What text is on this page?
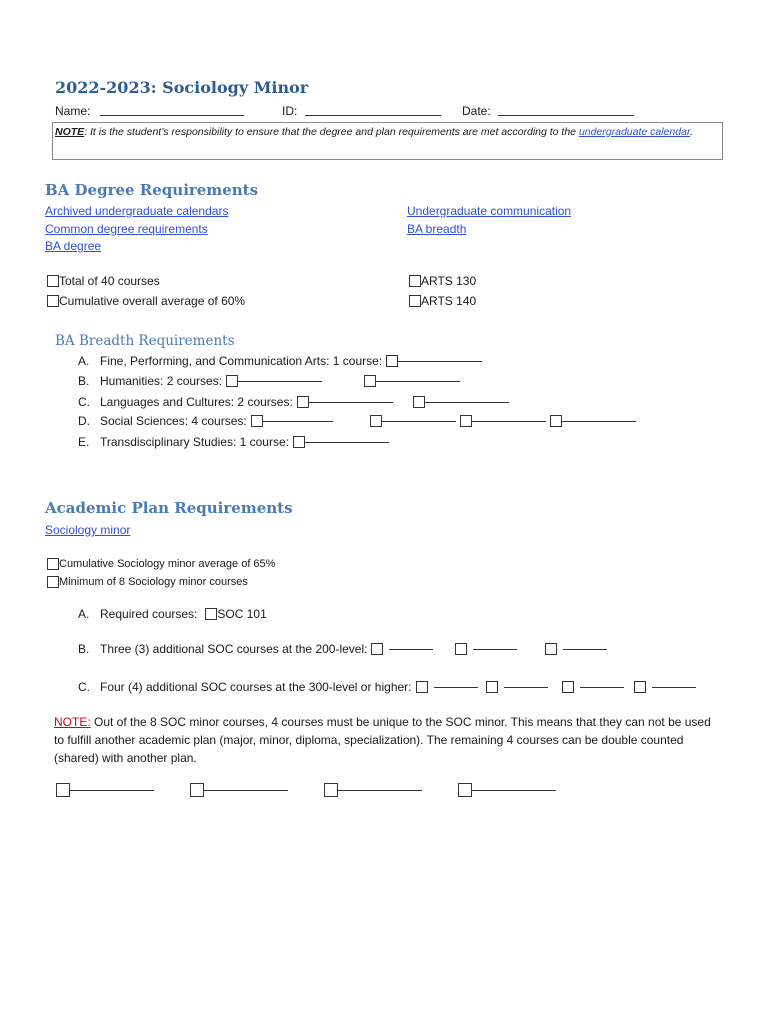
2022-2023: Sociology Minor
Name:	ID:	Date:
NOTE: It is the student’s responsibility to ensure that the degree and plan requirements are met according to the undergraduate calendar.
BA Degree Requirements
Archived undergraduate calendars
Common degree requirements
BA degree
Undergraduate communication
BA breadth
Total of 40 courses
Cumulative overall average of 60%
ARTS 130
ARTS 140
BA Breadth Requirements
A. Fine, Performing, and Communication Arts: 1 course:
B. Humanities: 2 courses:
C. Languages and Cultures: 2 courses:
D. Social Sciences: 4 courses:
E. Transdisciplinary Studies: 1 course:
Academic Plan Requirements
Sociology minor
Cumulative Sociology minor average of 65%
Minimum of 8 Sociology minor courses
A. Required courses: SOC 101
B. Three (3) additional SOC courses at the 200-level:
C. Four (4) additional SOC courses at the 300-level or higher:
NOTE: Out of the 8 SOC minor courses, 4 courses must be unique to the SOC minor. This means that they can not be used to fulfill another academic plan (major, minor, diploma, specialization). The remaining 4 courses can be double counted (shared) with another plan.
